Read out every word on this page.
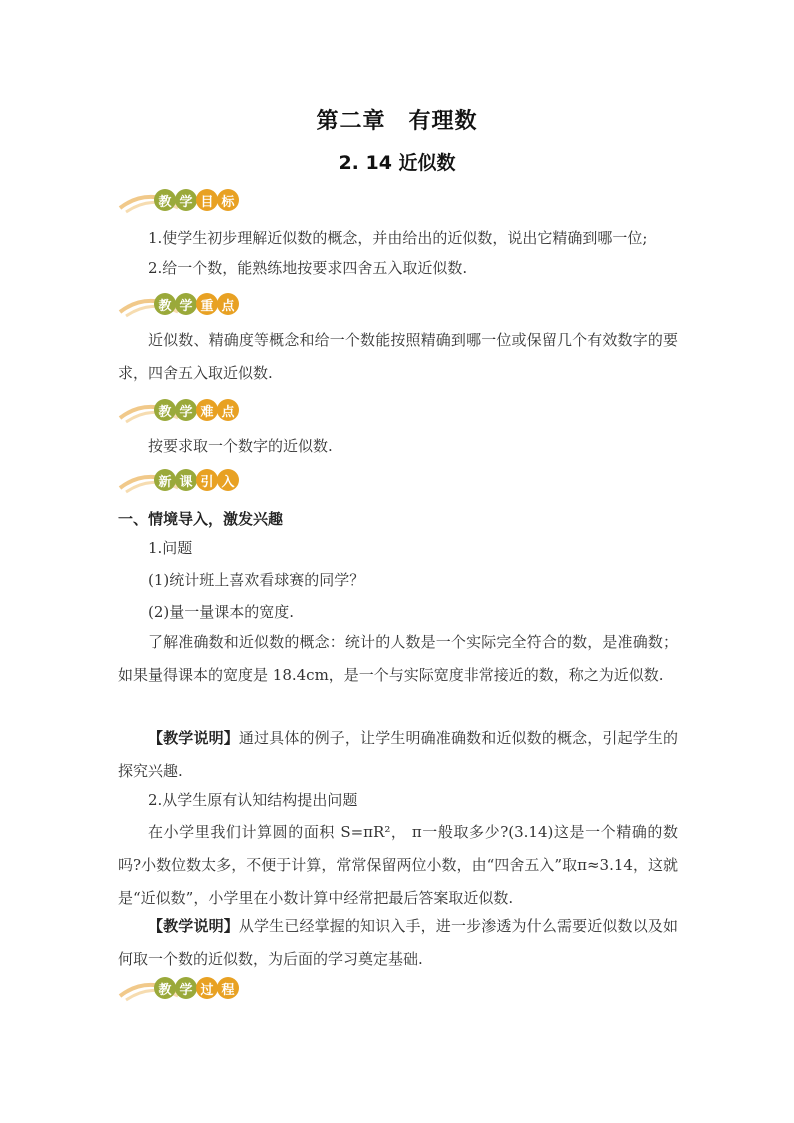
第二章　有理数
2. 14 近似数
教 学 目 标
1.使学生初步理解近似数的概念，并由给出的近似数，说出它精确到哪一位;
2.给一个数，能熟练地按要求四舍五入取近似数.
教 学 重 点
近似数、精确度等概念和给一个数能按照精确到哪一位或保留几个有效数字的要求，四舍五入取近似数.
教 学 难 点
按要求取一个数字的近似数.
新 课 引 入
一、情境导入，激发兴趣
1.问题
(1)统计班上喜欢看球赛的同学？
(2)量一量课本的宽度.
了解准确数和近似数的概念：统计的人数是一个实际完全符合的数，是准确数；如果量得课本的宽度是 18.4cm，是一个与实际宽度非常接近的数，称之为近似数.
【教学说明】通过具体的例子，让学生明确准确数和近似数的概念，引起学生的探究兴趣.
2.从学生原有认知结构提出问题
在小学里我们计算圆的面积 S=πR²， π一般取多少?(3.14)这是一个精确的数吗?小数位数太多，不便于计算，常常保留两位小数，由“四舍五入”取π≈3.14，这就是“近似数”，小学里在小数计算中经常把最后答案取近似数.
【教学说明】从学生已经掌握的知识入手，进一步渗透为什么需要近似数以及如何取一个数的近似数，为后面的学习奠定基础.
教 学 过 程
